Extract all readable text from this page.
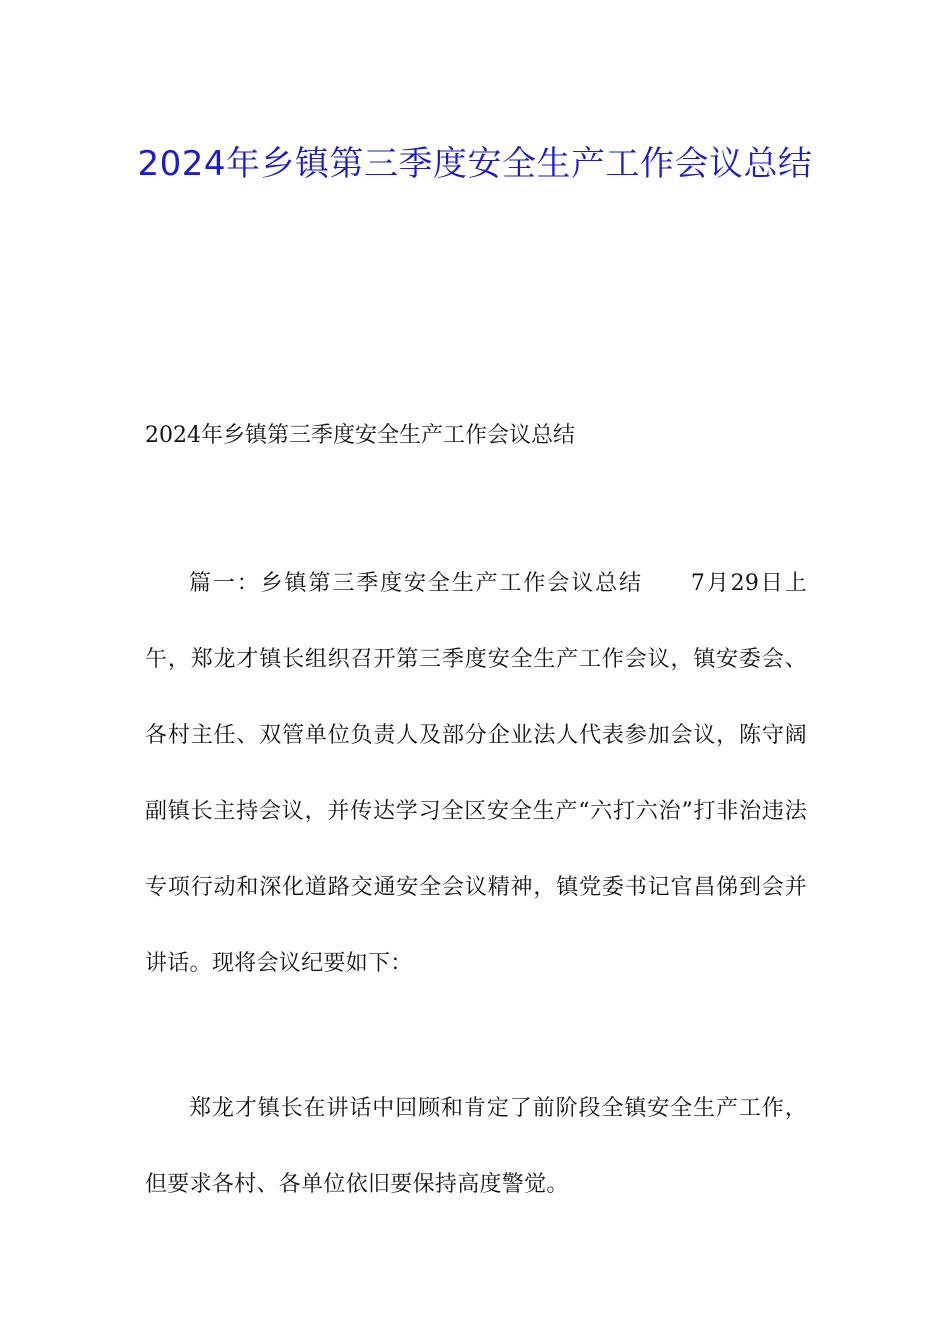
2024年乡镇第三季度安全生产工作会议总结

2024年乡镇第三季度安全生产工作会议总结

篇一：乡镇第三季度安全生产工作会议总结 7月29日上午，郑龙才镇长组织召开第三季度安全生产工作会议，镇安委会、各村主任、双管单位负责人及部分企业法人代表参加会议，陈守阔副镇长主持会议，并传达学习全区安全生产“六打六治”打非治违法专项行动和深化道路交通安全会议精神，镇党委书记官昌俤到会并讲话。现将会议纪要如下：

郑龙才镇长在讲话中回顾和肯定了前阶段全镇安全生产工作，但要求各村、各单位依旧要保持高度警觉。
